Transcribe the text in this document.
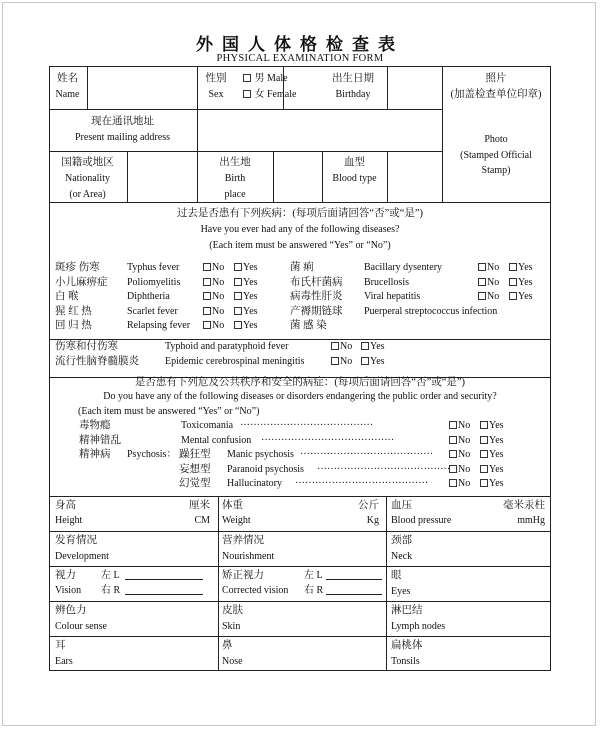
外国人体格检查表
PHYSICAL EXAMINATION FORM
姓名
Name
性别
Sex
男 Male
女 Female
出生日期
Birthday
照片
(加盖检查单位印章)
Photo
(Stamped Official
Stamp)
现在通讯地址
Present mailing address
国籍或地区
Nationality
(or Area)
出生地
Birth
place
血型
Blood type
过去是否患有下列疾病：(每项后面请回答“否”或“是”)
Have you ever had any of the following diseases?
(Each item must be answered “Yes” or “No”)
斑疹 伤寒	Typhus fever	No	Yes
小儿麻痹症 Poliomyelitis	No	Yes
白 喉	Diphtheria	No	Yes
猩 红 热	Scarlet fever	No	Yes
回 归 热	Relapsing fever	No	Yes
菌 痢	Bacillary dysentery	No	Yes
布氏杆菌病 Brucellosis	No	Yes
病毒性肝炎 Viral hepatitis	No	Yes
产褥期链球 Puerperal streptococcus infection
菌 感 染
伤寒和付伤寒	Typhoid and paratyphoid fever	No	Yes
流行性脑脊髓膜炎	Epidemic cerebrospinal meningitis	No	Yes
是否患有下列危及公共秩序和安全的病症：(每项后面请回答“否”或“是”)
Do you have any of the following diseases or disorders endangering the public order and security?
(Each item must be answered “Yes” or “No”)
毒物瘾	Toxicomania ········································	No	Yes
精神错乱	Mental confusion ········································	No	Yes
精神病 Psychosis： 躁狂型 Manic psychosis ········································	No	Yes
妄想型 Paranoid psychosis ········································ No	Yes
幻觉型 Hallucinatory ········································	No	Yes
身高	厘米
Height	CM
体重	公斤
Weight	Kg
血压	毫米汞柱
Blood pressure	mmHg
发育情况
Development
营养情况
Nourishment
颈部
Neck
视力	左 L
Vision 右 R
矫正视力	左 L
Corrected vision 右 R
眼
Eyes
辨色力
Colour sense
皮肤
Skin
淋巴结
Lymph nodes
耳
Ears
鼻
Nose
扁桃体
Tonsils
